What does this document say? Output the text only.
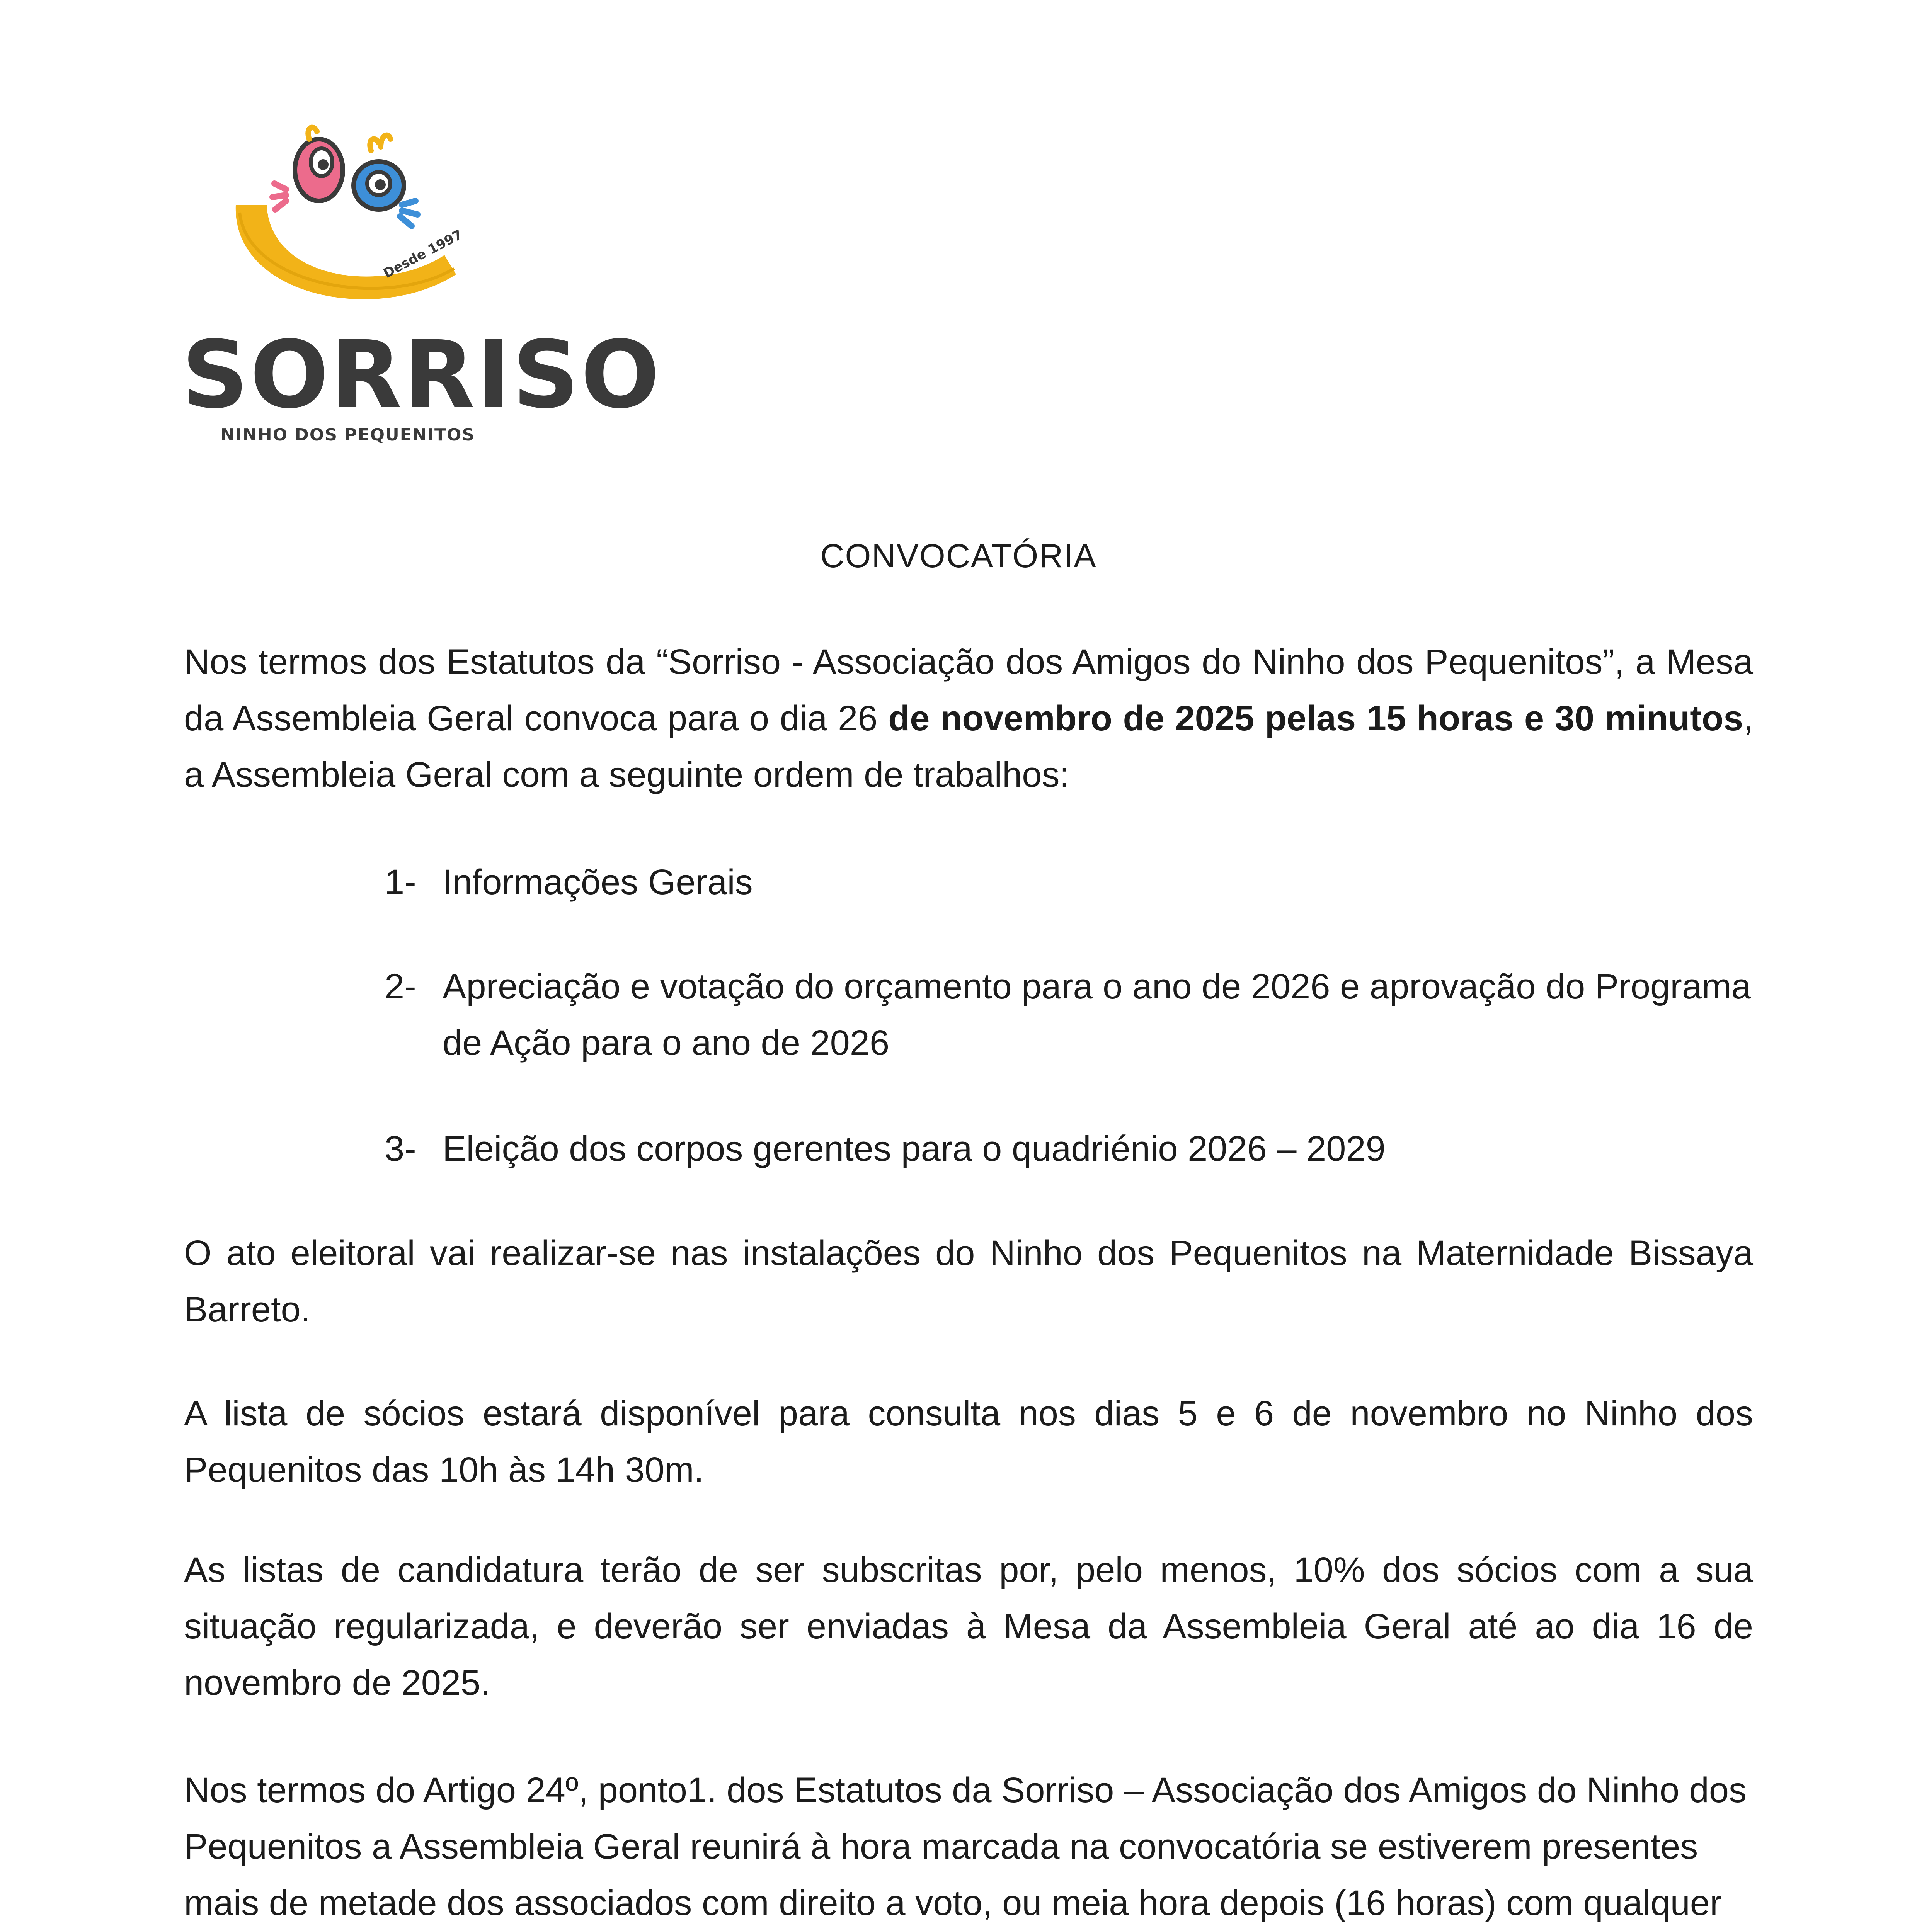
Desde 1997
SORRISO
NINHO DOS PEQUENITOS
CONVOCATÓRIA
Nos termos dos Estatutos da “Sorriso - Associação dos Amigos do Ninho dos Pequenitos”, a Mesa da Assembleia Geral convoca para o dia 26 de novembro de 2025 pelas 15 horas e 30 minutos, a Assembleia Geral com a seguinte ordem de trabalhos:
1- Informações Gerais
2- Apreciação e votação do orçamento para o ano de 2026 e aprovação do Programa de Ação para o ano de 2026
3- Eleição dos corpos gerentes para o quadriénio 2026 – 2029
O ato eleitoral vai realizar-se nas instalações do Ninho dos Pequenitos na Maternidade Bissaya Barreto.
A lista de sócios estará disponível para consulta nos dias 5 e 6 de novembro no Ninho dos Pequenitos das 10h às 14h 30m.
As listas de candidatura terão de ser subscritas por, pelo menos, 10% dos sócios com a sua situação regularizada, e deverão ser enviadas à Mesa da Assembleia Geral até ao dia 16 de novembro de 2025.
Nos termos do Artigo 24º, ponto1. dos Estatutos da Sorriso – Associação dos Amigos do Ninho dos Pequenitos a Assembleia Geral reunirá à hora marcada na convocatória se estiverem presentes mais de metade dos associados com direito a voto, ou meia hora depois (16 horas) com qualquer
